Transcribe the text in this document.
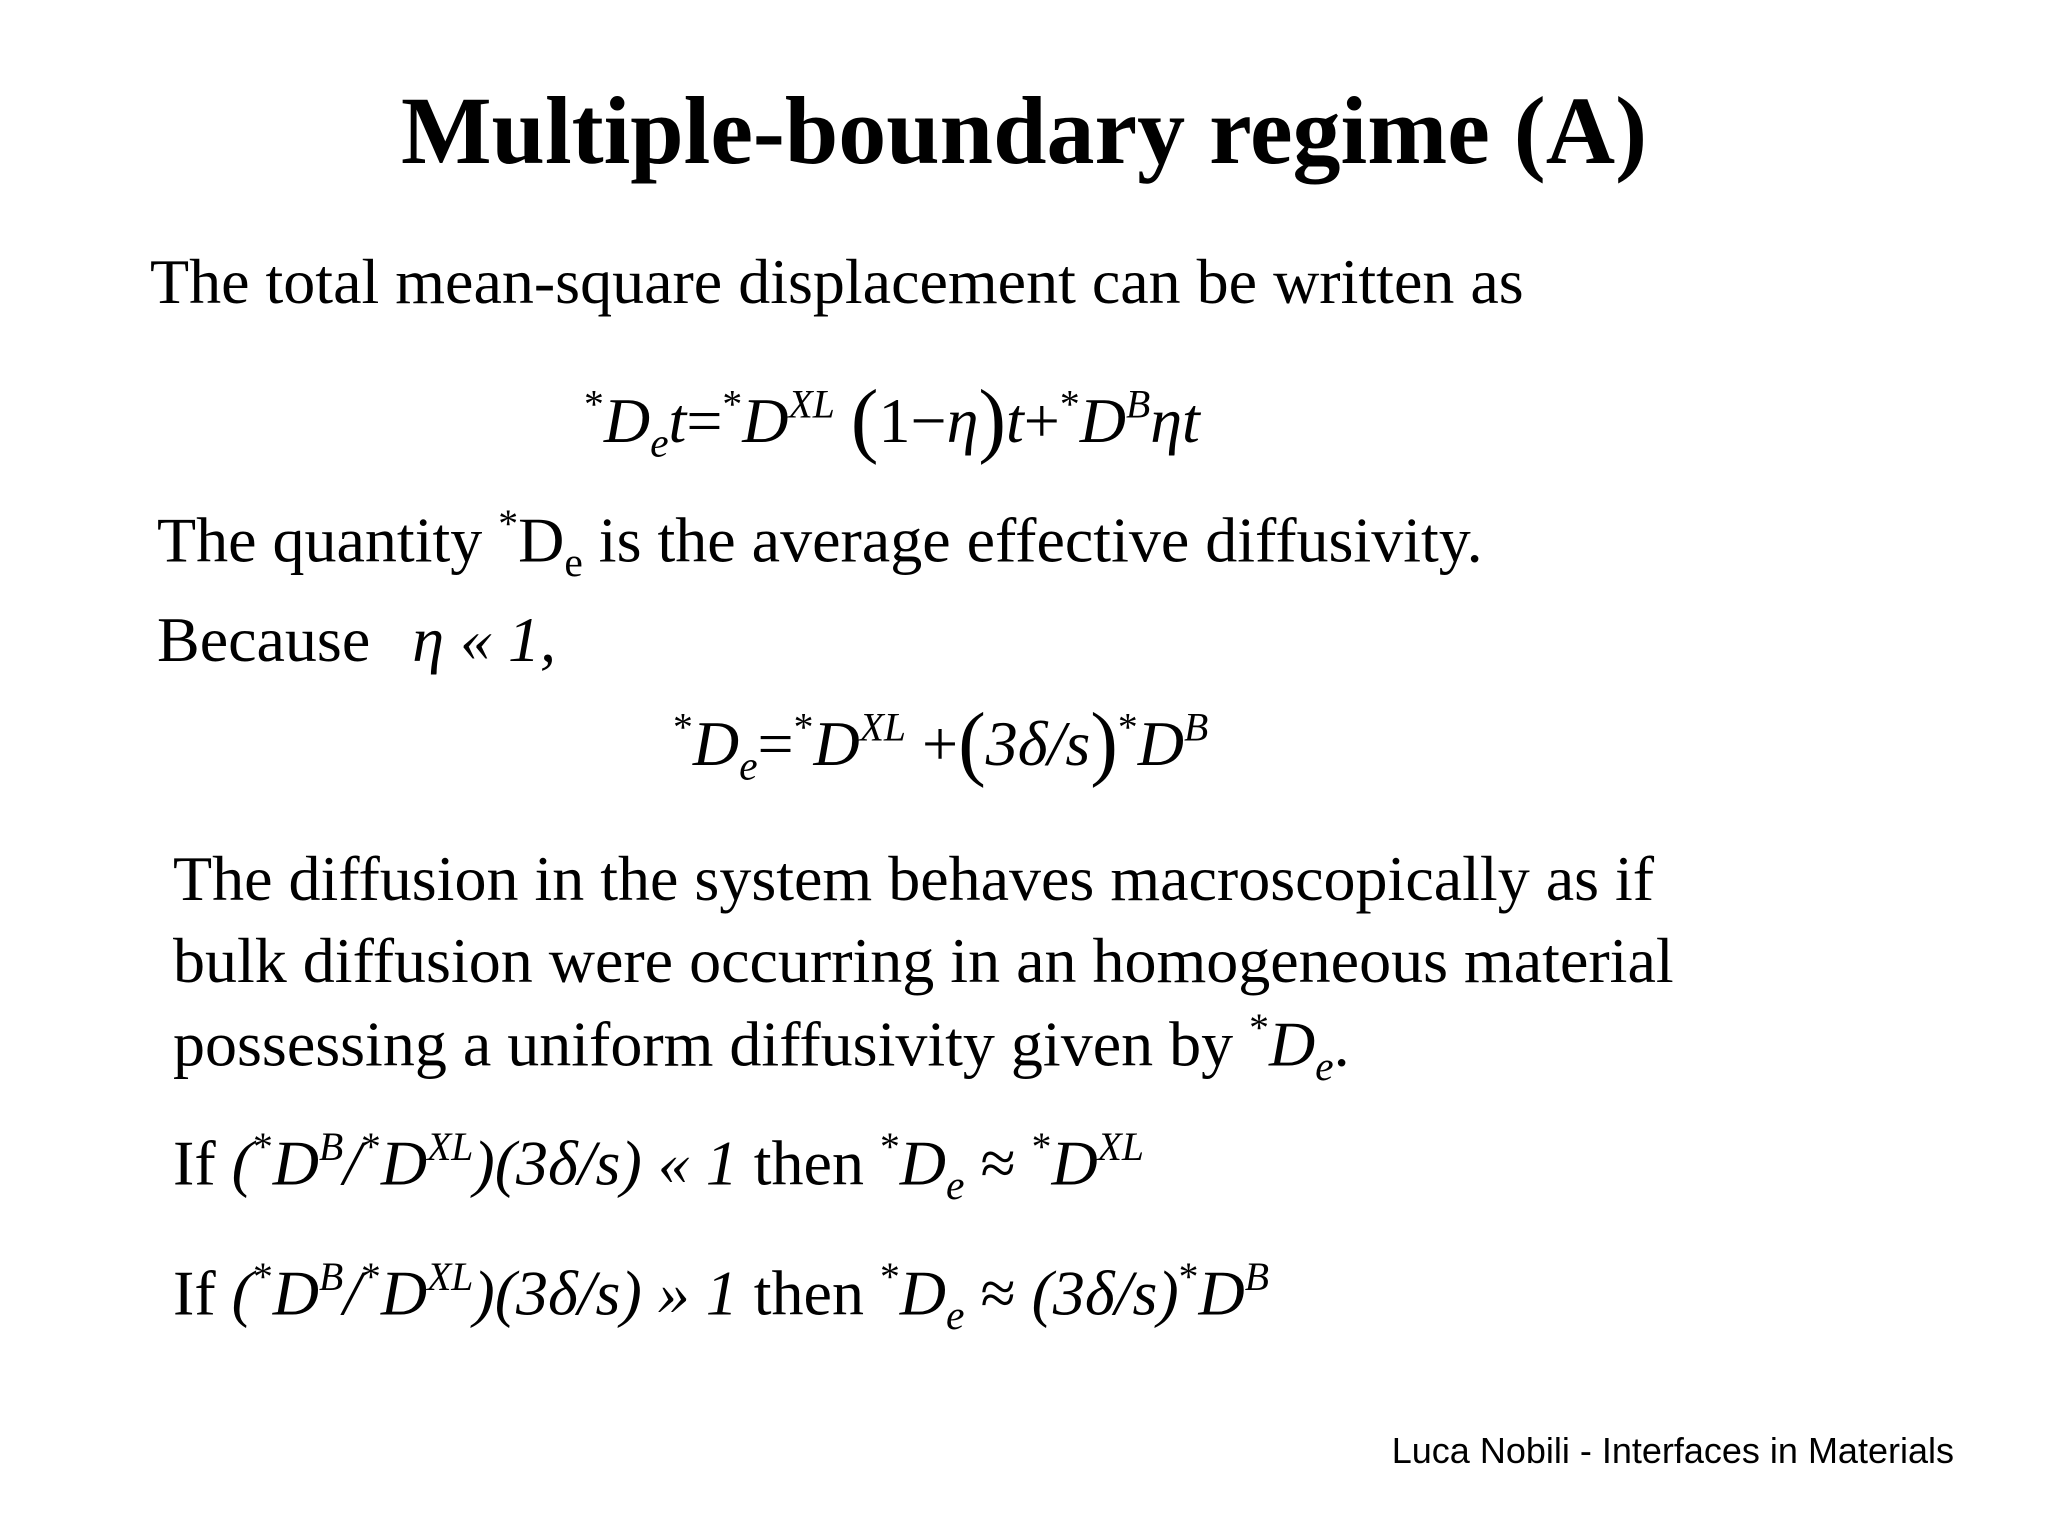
Multiple-boundary regime (A)
The total mean-square displacement can be written as
$^*D_et=^*D^{XL}$ $(1-\eta)t+^*D^B\eta t$
The quantity $^*D_e$ is the average effective diffusivity.
Because η « 1,
$^*D_e=^*D^{XL} +(3\delta/s)^*D^B$
The diffusion in the system behaves macroscopically as if
bulk diffusion were occurring in an homogeneous material
possessing a uniform diffusivity given by $^*D_e$.
If $(^*D^B/^*D^{XL})(3\delta/s)$ « 1 then $^*D_e \approx ^*D^{XL}$
If $(^*D^B/^*D^{XL})(3\delta/s)$ » 1 then $^*D_e \approx (3\delta/s)^*D^B$
Luca Nobili - Interfaces in Materials
